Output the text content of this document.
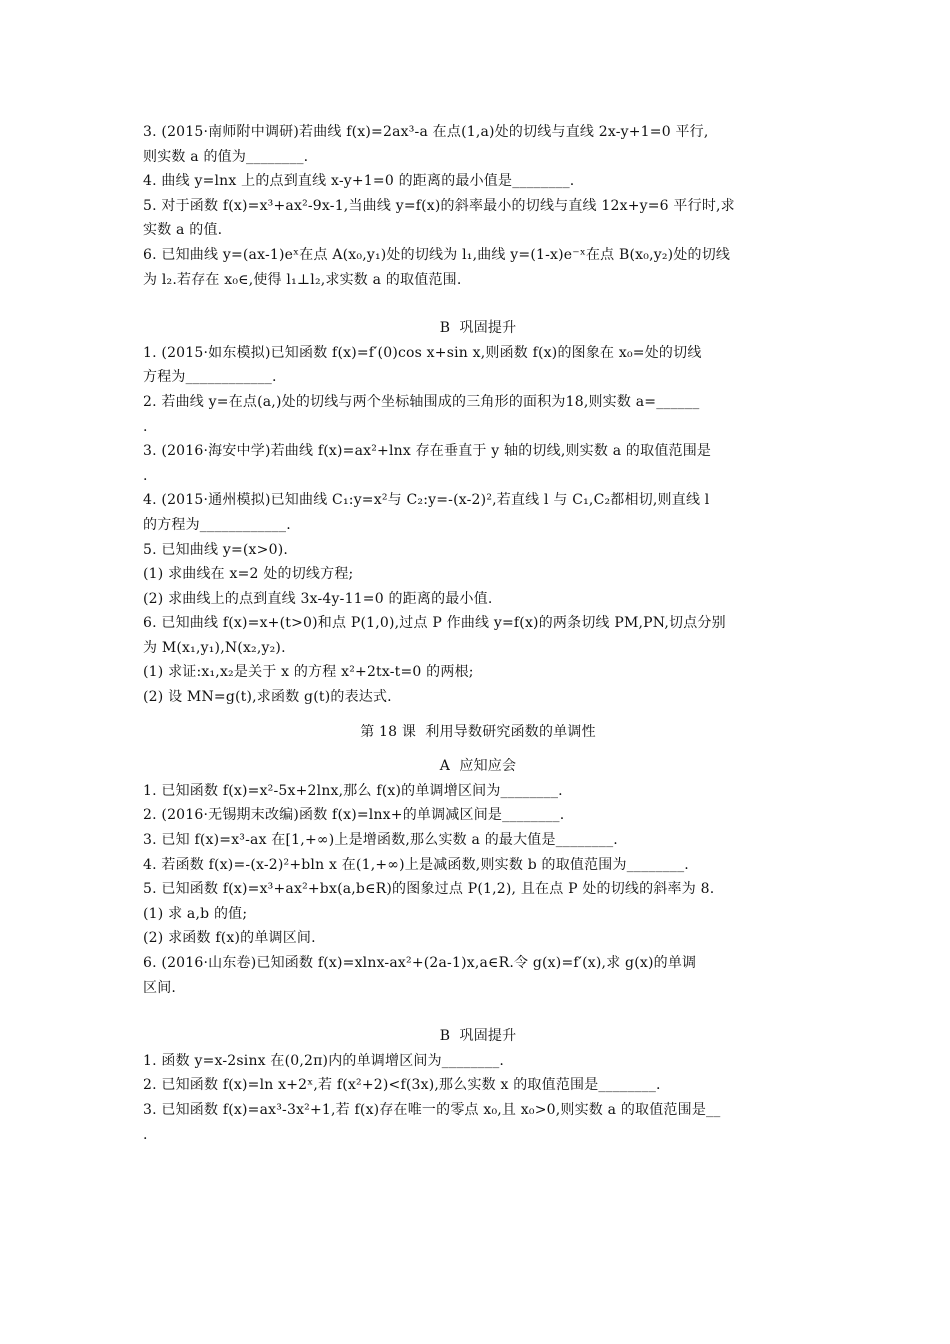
3. (2015·南师附中调研)若曲线 f(x)=2ax³-a 在点(1,a)处的切线与直线 2x-y+1=0 平行,
则实数 a 的值为________.
4. 曲线 y=lnx 上的点到直线 x-y+1=0 的距离的最小值是________.
5. 对于函数 f(x)=x³+ax²-9x-1,当曲线 y=f(x)的斜率最小的切线与直线 12x+y=6 平行时,求
实数 a 的值.
6. 已知曲线 y=(ax-1)eˣ在点 A(x₀,y₁)处的切线为 l₁,曲线 y=(1-x)e⁻ˣ在点 B(x₀,y₂)处的切线
为 l₂.若存在 x₀∈,使得 l₁⊥l₂,求实数 a 的取值范围.
B  巩固提升
1. (2015·如东模拟)已知函数 f(x)=f′(0)cos x+sin x,则函数 f(x)的图象在 x₀=处的切线
方程为____________.
2. 若曲线 y=在点(a,)处的切线与两个坐标轴围成的三角形的面积为18,则实数 a=______
.
3. (2016·海安中学)若曲线 f(x)=ax²+lnx 存在垂直于 y 轴的切线,则实数 a 的取值范围是
.
4. (2015·通州模拟)已知曲线 C₁:y=x²与 C₂:y=-(x-2)²,若直线 l 与 C₁,C₂都相切,则直线 l
的方程为____________.
5. 已知曲线 y=(x>0).
(1) 求曲线在 x=2 处的切线方程;
(2) 求曲线上的点到直线 3x-4y-11=0 的距离的最小值.
6. 已知曲线 f(x)=x+(t>0)和点 P(1,0),过点 P 作曲线 y=f(x)的两条切线 PM,PN,切点分别
为 M(x₁,y₁),N(x₂,y₂).
(1) 求证:x₁,x₂是关于 x 的方程 x²+2tx-t=0 的两根;
(2) 设 MN=g(t),求函数 g(t)的表达式.
第 18 课  利用导数研究函数的单调性
A  应知应会
1. 已知函数 f(x)=x²-5x+2lnx,那么 f(x)的单调增区间为________.
2. (2016·无锡期末改编)函数 f(x)=lnx+的单调减区间是________.
3. 已知 f(x)=x³-ax 在[1,+∞)上是增函数,那么实数 a 的最大值是________.
4. 若函数 f(x)=-(x-2)²+bln x 在(1,+∞)上是减函数,则实数 b 的取值范围为________.
5. 已知函数 f(x)=x³+ax²+bx(a,b∈R)的图象过点 P(1,2), 且在点 P 处的切线的斜率为 8.
(1) 求 a,b 的值;
(2) 求函数 f(x)的单调区间.
6. (2016·山东卷)已知函数 f(x)=xlnx-ax²+(2a-1)x,a∈R.令 g(x)=f′(x),求 g(x)的单调
区间.
B  巩固提升
1. 函数 y=x-2sinx 在(0,2π)内的单调增区间为________.
2. 已知函数 f(x)=ln x+2ˣ,若 f(x²+2)<f(3x),那么实数 x 的取值范围是________.
3. 已知函数 f(x)=ax³-3x²+1,若 f(x)存在唯一的零点 x₀,且 x₀>0,则实数 a 的取值范围是__
.
